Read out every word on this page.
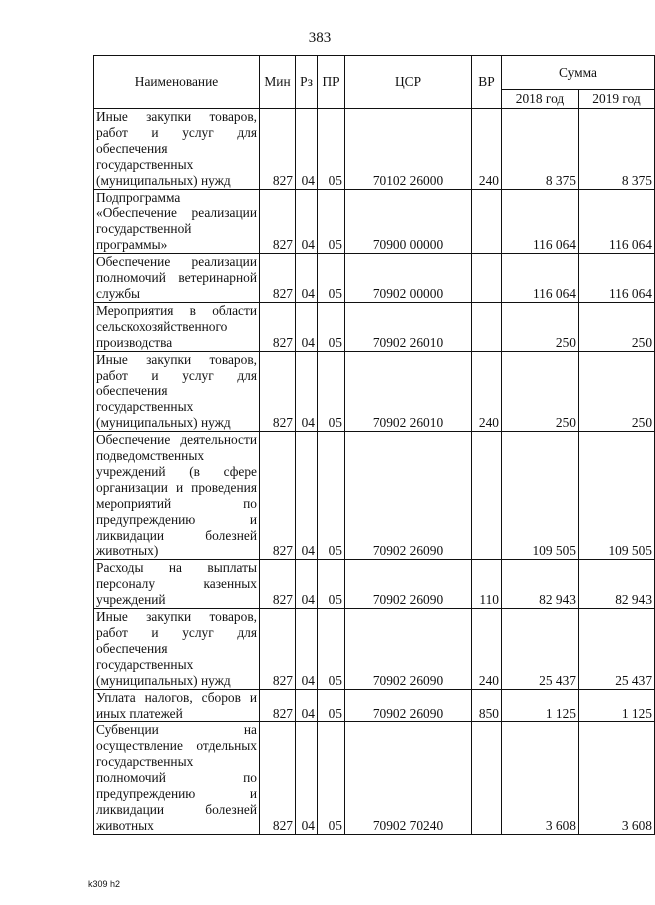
383
Наименование	Мин	Рз	ПР	ЦСР	ВР	Сумма	
						2018 год	2019 год
Иные закупки товаров, работ и услуг для обеспечения государственных (муниципальных) нужд	827	04	05	70102 26000	240	8 375	8 375
Подпрограмма «Обеспечение реализации государственной программы»	827	04	05	70900 00000		116 064	116 064
Обеспечение реализации полномочий ветеринарной службы	827	04	05	70902 00000		116 064	116 064
Мероприятия в области сельскохозяйственного производства	827	04	05	70902 26010		250	250
Иные закупки товаров, работ и услуг для обеспечения государственных (муниципальных) нужд	827	04	05	70902 26010	240	250	250
Обеспечение деятельности подведомственных учреждений (в сфере организации и проведения мероприятий по предупреждению и ликвидации болезней животных)	827	04	05	70902 26090		109 505	109 505
Расходы на выплаты персоналу казенных учреждений	827	04	05	70902 26090	110	82 943	82 943
Иные закупки товаров, работ и услуг для обеспечения государственных (муниципальных) нужд	827	04	05	70902 26090	240	25 437	25 437
Уплата налогов, сборов и иных платежей	827	04	05	70902 26090	850	1 125	1 125
Субвенции на осуществление отдельных государственных полномочий по предупреждению и ликвидации болезней животных	827	04	05	70902 70240		3 608	3 608
k309 h2
